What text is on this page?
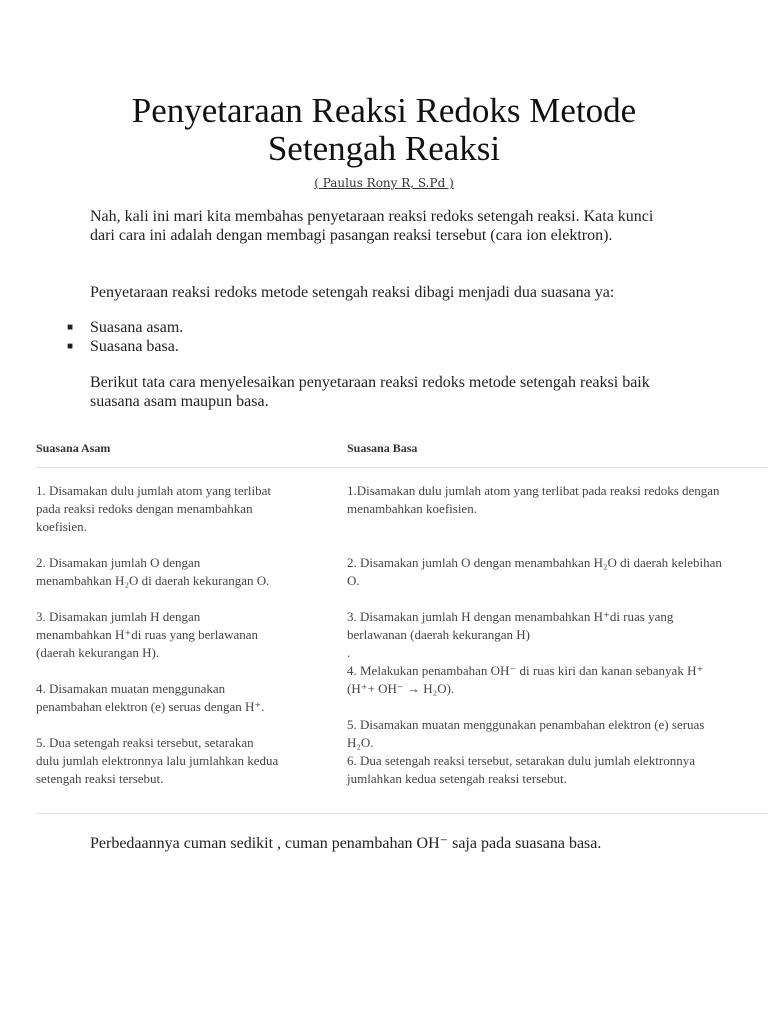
Penyetaraan Reaksi Redoks Metode
Setengah Reaksi
( Paulus Rony R, S.Pd )
Nah, kali ini mari kita membahas penyetaraan reaksi redoks setengah reaksi. Kata kunci dari cara ini adalah dengan membagi pasangan reaksi tersebut (cara ion elektron).
Penyetaraan reaksi redoks metode setengah reaksi dibagi menjadi dua suasana ya:
■ Suasana asam.
■ Suasana basa.
Berikut tata cara menyelesaikan penyetaraan reaksi redoks metode setengah reaksi baik suasana asam maupun basa.
Suasana Asam	Suasana Basa
1. Disamakan dulu jumlah atom yang terlibat
pada reaksi redoks dengan menambahkan
koefisien.
2. Disamakan jumlah O dengan
menambahkan H₂O di daerah kekurangan O.
3. Disamakan jumlah H dengan
menambahkan H⁺di ruas yang berlawanan
(daerah kekurangan H).
4. Disamakan muatan menggunakan
penambahan elektron (e) seruas dengan H⁺.
5. Dua setengah reaksi tersebut, setarakan
dulu jumlah elektronnya lalu jumlahkan kedua
setengah reaksi tersebut.
1.Disamakan dulu jumlah atom yang terlibat pada reaksi redoks dengan
menambahkan koefisien.
2. Disamakan jumlah O dengan menambahkan H₂O di daerah kelebihan
O.
3. Disamakan jumlah H dengan menambahkan H⁺di ruas yang
berlawanan (daerah kekurangan H)
.
4. Melakukan penambahan OH⁻ di ruas kiri dan kanan sebanyak H⁺
(H⁺+ OH⁻ → H₂O).
5. Disamakan muatan menggunakan penambahan elektron (e) seruas
H₂O.
6. Dua setengah reaksi tersebut, setarakan dulu jumlah elektronnya
jumlahkan kedua setengah reaksi tersebut.
Perbedaannya cuman sedikit , cuman penambahan OH⁻ saja pada suasana basa.
